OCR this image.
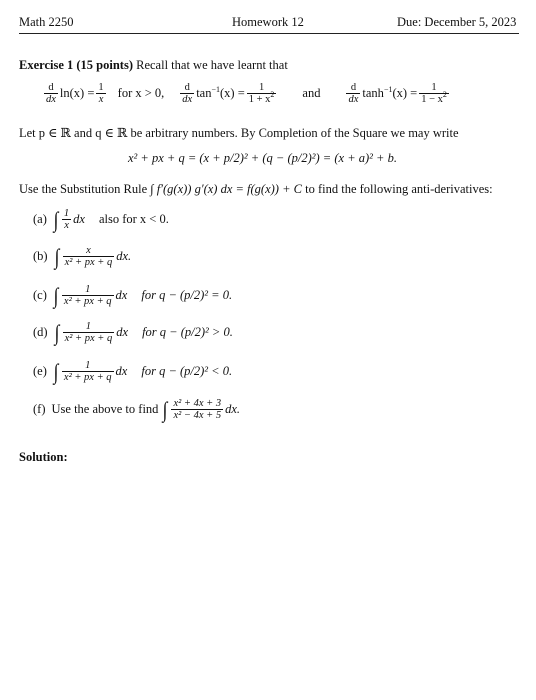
Math 2250	Homework 12	Due: December 5, 2023
Exercise 1 (15 points) Recall that we have learnt that
$\frac{d}{dx} \ln(x) = \frac{1}{x}$ for x > 0, $\frac{d}{dx} \tan^{-1}(x) = \frac{1}{1 + x^2}$ and $\frac{d}{dx} \tanh^{-1}(x) = \frac{1}{1 - x^2}$
Let p ∈ ℝ and q ∈ ℝ be arbitrary numbers. By Completion of the Square we may write
x² + px + q = (x + p/2)² + (q − (p/2)²) = (x + a)² + b.
Use the Substitution Rule ∫ f′(g(x)) g′(x) dx = f(g(x)) + C to find the following anti-derivatives:
(a) ∫ $\frac{1}{x}$ dx also for x < 0.
(b) ∫ $\frac{x}{\text{x² + px + q}}$ dx.
(c) ∫ $\frac{1}{\text{x² + px + q}}$ dx for q − (p/2)² = 0.
(d) ∫ $\frac{1}{\text{x² + px + q}}$ dx for q − (p/2)² > 0.
(e) ∫ $\frac{1}{\text{x² + px + q}}$ dx for q − (p/2)² < 0.
(f) Use the above to find ∫ $\frac{\text{x² + 4x + 3}}{\text{x² − 4x + 5}}$ dx.
Solution:
